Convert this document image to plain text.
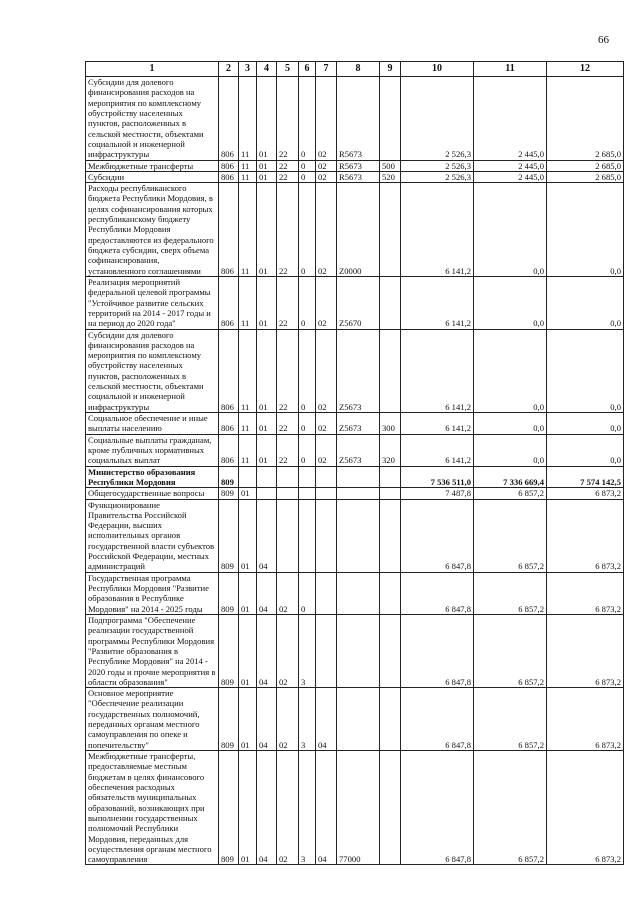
66
1	2	3	4	5	6	7	8	9	10	11	12
Субсидии для долевого финансирования расходов на мероприятия по комплексному обустройству населенных пунктов, расположенных в сельской местности, объектами социальной и инженерной инфраструктуры	806	11	01	22	0	02	R5673		2 526,3	2 445,0	2 685,0
Межбюджетные трансферты	806	11	01	22	0	02	R5673	500	2 526,3	2 445,0	2 685,0
Субсидии	806	11	01	22	0	02	R5673	520	2 526,3	2 445,0	2 685,0
Расходы республиканского бюджета Республики Мордовия, в целях софинансирования которых республиканскому бюджету Республики Мордовия предоставляются из федерального бюджета субсидии, сверх объема софинансирования, установленного соглашениями	806	11	01	22	0	02	Z0000		6 141,2	0,0	0,0
Реализация мероприятий федеральной целевой программы "Устойчивое развитие сельских территорий на 2014 - 2017 годы и на период до 2020 года"	806	11	01	22	0	02	Z5670		6 141,2	0,0	0,0
Субсидии для долевого финансирования расходов на мероприятия по комплексному обустройству населенных пунктов, расположенных в сельской местности, объектами социальной и инженерной инфраструктуры	806	11	01	22	0	02	Z5673		6 141,2	0,0	0,0
Социальное обеспечение и иные выплаты населению	806	11	01	22	0	02	Z5673	300	6 141,2	0,0	0,0
Социальные выплаты гражданам, кроме публичных нормативных социальных выплат	806	11	01	22	0	02	Z5673	320	6 141,2	0,0	0,0
Министерство образования Республики Мордовия	809								7 536 511,0	7 336 669,4	7 574 142,5
Общегосударственные вопросы	809	01							7 487,8	6 857,2	6 873,2
Функционирование Правительства Российской Федерации, высших исполнительных органов государственной власти субъектов Российской Федерации, местных администраций	809	01	04						6 847,8	6 857,2	6 873,2
Государственная программа Республики Мордовия "Развитие образования в Республике Мордовия" на 2014 - 2025 годы	809	01	04	02	0				6 847,8	6 857,2	6 873,2
Подпрограмма "Обеспечение реализации государственной программы Республики Мордовия "Развитие образования в Республике Мордовия" на 2014 - 2020 годы и прочие мероприятия в области образования"	809	01	04	02	3				6 847,8	6 857,2	6 873,2
Основное мероприятие "Обеспечение реализации государственных полномочий, переданных органам местного самоуправления по опеке и попечительству"	809	01	04	02	3	04			6 847,8	6 857,2	6 873,2
Межбюджетные трансферты, предоставляемые местным бюджетам в целях финансового обеспечения расходных обязательств муниципальных образований, возникающих при выполнении государственных полномочий Республики Мордовия, переданных для осуществления органам местного самоуправления	809	01	04	02	3	04	77000		6 847,8	6 857,2	6 873,2
